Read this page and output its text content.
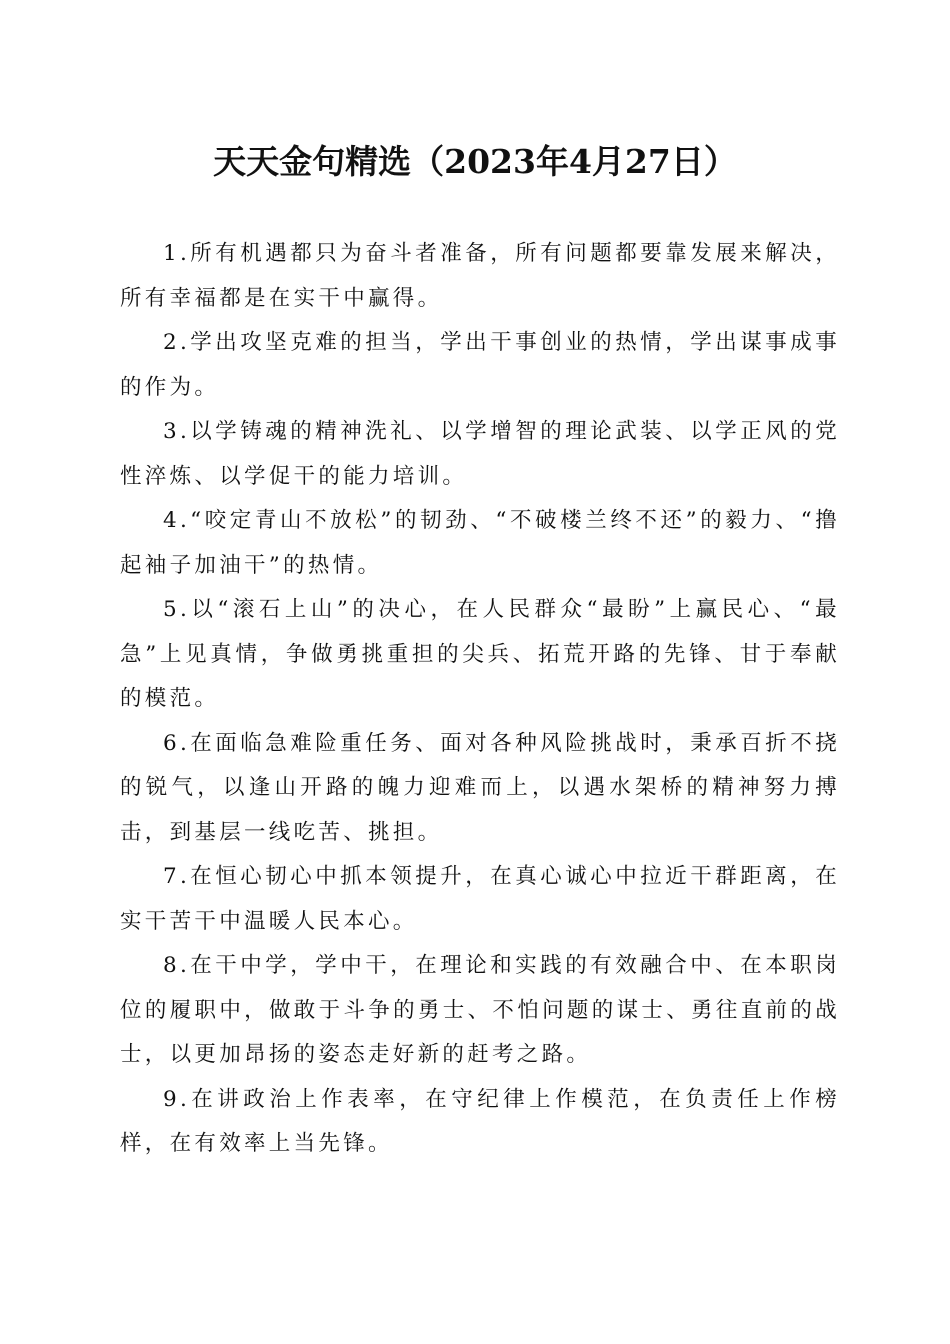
天天金句精选（2023年4月27日）

1.所有机遇都只为奋斗者准备，所有问题都要靠发展来解决，所有幸福都是在实干中赢得。

2.学出攻坚克难的担当，学出干事创业的热情，学出谋事成事的作为。

3.以学铸魂的精神洗礼、以学增智的理论武装、以学正风的党性淬炼、以学促干的能力培训。

4.“咬定青山不放松”的韧劲、“不破楼兰终不还”的毅力、“撸起袖子加油干”的热情。

5.以“滚石上山”的决心，在人民群众“最盼”上赢民心、“最急”上见真情，争做勇挑重担的尖兵、拓荒开路的先锋、甘于奉献的模范。

6.在面临急难险重任务、面对各种风险挑战时，秉承百折不挠的锐气，以逢山开路的魄力迎难而上，以遇水架桥的精神努力搏击，到基层一线吃苦、挑担。

7.在恒心韧心中抓本领提升，在真心诚心中拉近干群距离，在实干苦干中温暖人民本心。

8.在干中学，学中干，在理论和实践的有效融合中、在本职岗位的履职中，做敢于斗争的勇士、不怕问题的谋士、勇往直前的战士，以更加昂扬的姿态走好新的赶考之路。

9.在讲政治上作表率，在守纪律上作模范，在负责任上作榜样，在有效率上当先锋。
